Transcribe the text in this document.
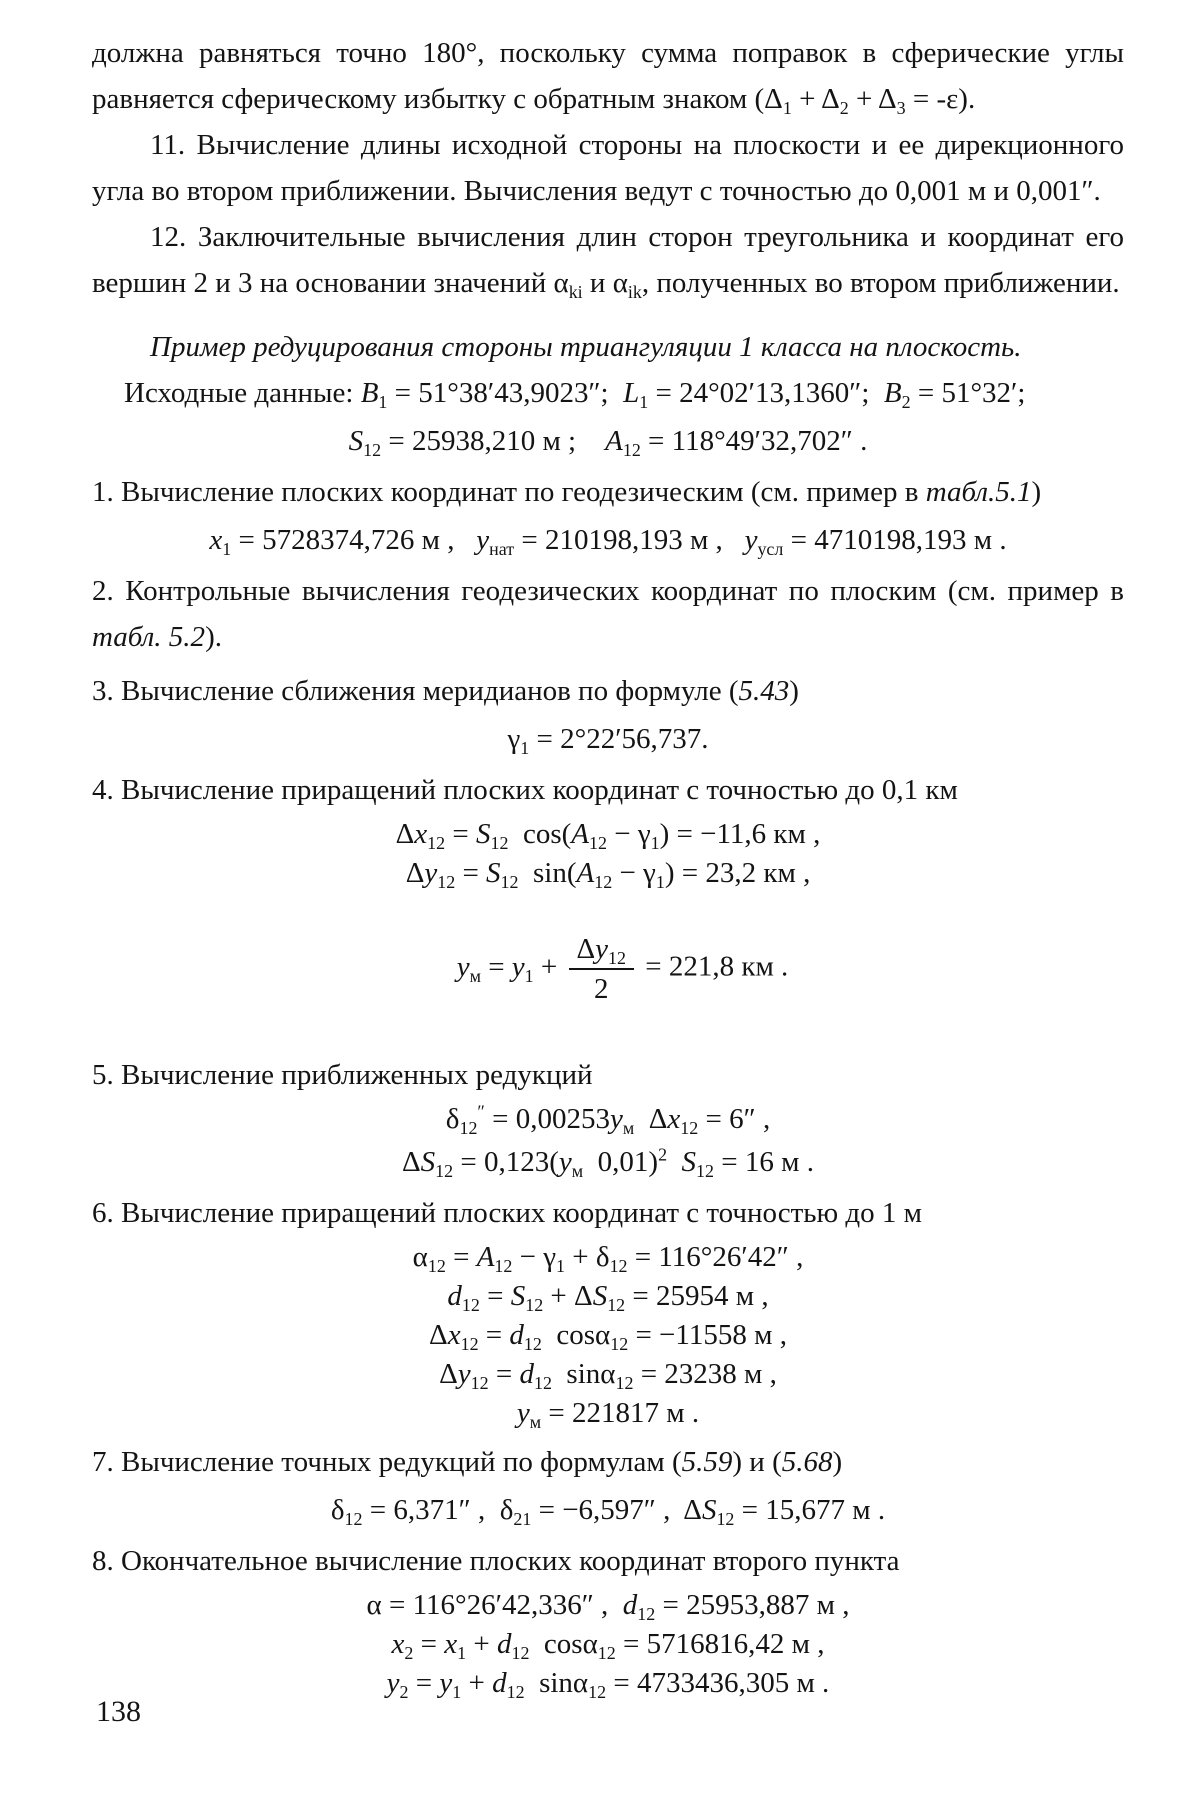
должна равняться точно 180°, поскольку сумма поправок в сферические углы равняется сферическому избытку с обратным знаком $(\Delta_1 + \Delta_2 + \Delta_3 = -\varepsilon)$.

11. Вычисление длины исходной стороны на плоскости и ее дирекционного угла во втором приближении. Вычисления ведут с точностью до 0,001 м и 0,001″.

12. Заключительные вычисления длин сторон треугольника и координат его вершин 2 и 3 на основании значений $\alpha_{ki}$ и $\alpha_{ik}$, полученных во втором приближении.

Пример редуцирования стороны триангуляции 1 класса на плоскость.

Исходные данные: $B_1 = 51^\circ 38'43,9023''$;  $L_1 = 24^\circ 02'13,1360''$;  $B_2 = 51^\circ 32'$;

$S_{12} = 25938,210$ м ;    $A_{12} = 118^\circ 49'32,702''$ .

1. Вычисление плоских координат по геодезическим (см. пример в табл.5.1)

$x_1 = 5728374,726$ м ,   $y_{нат} = 210198,193$ м ,   $y_{усл} = 4710198,193$ м .

2. Контрольные вычисления геодезических координат по плоским (см. пример в табл. 5.2).

3. Вычисление сближения меридианов по формуле (5.43)

$\gamma_1 = 2^\circ 22'56,737$.

4. Вычисление приращений плоских координат с точностью до 0,1 км

$\Delta x_{12} = S_{12}$  $\cos(A_{12} - \gamma_1) = -11,6$ км ,
$\Delta y_{12} = S_{12}$  $\sin(A_{12} - \gamma_1) = 23,2$ км ,

$y_м = y_1 + \frac{\Delta y_{12}}{2} = 221,8$ км .

5. Вычисление приближенных редукций

$\delta_{12}'' = 0,00253y_м$  $\Delta x_{12} = 6''$ ,
$\Delta S_{12} = 0,123(y_м$  0,01)$^2$ $S_{12} = 16$ м .

6. Вычисление приращений плоских координат с точностью до 1 м

$\alpha_{12} = A_{12} - \gamma_1 + \delta_{12} = 116^\circ 26'42''$ ,
$d_{12} = S_{12} + \Delta S_{12} = 25954$ м ,
$\Delta x_{12} = d_{12}$  cosα$_{12}$ = −11558 м ,
$\Delta y_{12} = d_{12}$  sinα$_{12}$ = 23238 м ,
$y_м = 221817$ м .

7. Вычисление точных редукций по формулам (5.59) и (5.68)

$\delta_{12} = 6,371''$ ,  $\delta_{21} = -6,597''$ ,  $\Delta S_{12} = 15,677$ м .

8. Окончательное вычисление плоских координат второго пункта

α = 116°26′42,336″ ,  $d_{12} = 25953,887$ м ,
$x_2 = x_1 + d_{12}$  cosα$_{12}$ = 5716816,42 м ,
$y_2 = y_1 + d_{12}$  sinα$_{12}$ = 4733436,305 м .
138
